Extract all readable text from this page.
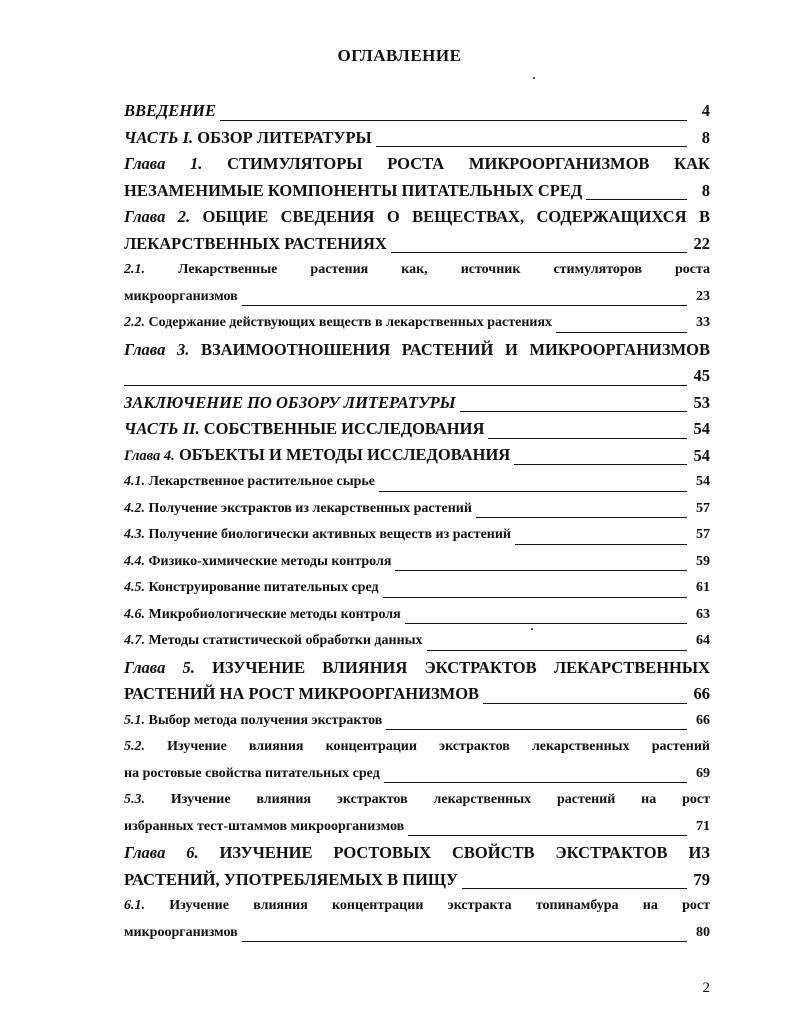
ОГЛАВЛЕНИЕ
ВВЕДЕНИЕ	4
ЧАСТЬ I. ОБЗОР ЛИТЕРАТУРЫ	8
Глава 1. СТИМУЛЯТОРЫ РОСТА МИКРООРГАНИЗМОВ КАК
НЕЗАМЕНИМЫЕ КОМПОНЕНТЫ ПИТАТЕЛЬНЫХ СРЕД	8
Глава 2. ОБЩИЕ СВЕДЕНИЯ О ВЕЩЕСТВАХ, СОДЕРЖАЩИХСЯ В
ЛЕКАРСТВЕННЫХ РАСТЕНИЯХ	22
2.1. Лекарственные растения как, источник стимуляторов роста
микроорганизмов	23
2.2. Содержание действующих веществ в лекарственных растениях	33
Глава 3. ВЗАИМООТНОШЕНИЯ РАСТЕНИЙ И МИКРООРГАНИЗМОВ
45
ЗАКЛЮЧЕНИЕ ПО ОБЗОРУ ЛИТЕРАТУРЫ	53
ЧАСТЬ II. СОБСТВЕННЫЕ ИССЛЕДОВАНИЯ	54
Глава 4. ОБЪЕКТЫ И МЕТОДЫ ИССЛЕДОВАНИЯ	54
4.1. Лекарственное растительное сырье	54
4.2. Получение экстрактов из лекарственных растений	57
4.3. Получение биологически активных веществ из растений	57
4.4. Физико-химические методы контроля	59
4.5. Конструирование питательных сред	61
4.6. Микробиологические методы контроля	63
4.7. Методы статистической обработки данных	64
Глава 5. ИЗУЧЕНИЕ ВЛИЯНИЯ ЭКСТРАКТОВ ЛЕКАРСТВЕННЫХ
РАСТЕНИЙ НА РОСТ МИКРООРГАНИЗМОВ	66
5.1. Выбор метода получения экстрактов	66
5.2. Изучение влияния концентрации экстрактов лекарственных растений
на ростовые свойства питательных сред	69
5.3. Изучение влияния экстрактов лекарственных растений на рост
избранных тест-штаммов микроорганизмов	71
Глава 6. ИЗУЧЕНИЕ РОСТОВЫХ СВОЙСТВ ЭКСТРАКТОВ ИЗ
РАСТЕНИЙ, УПОТРЕБЛЯЕМЫХ В ПИЩУ	79
6.1. Изучение влияния концентрации экстракта топинамбура на рост
микроорганизмов	80
2
